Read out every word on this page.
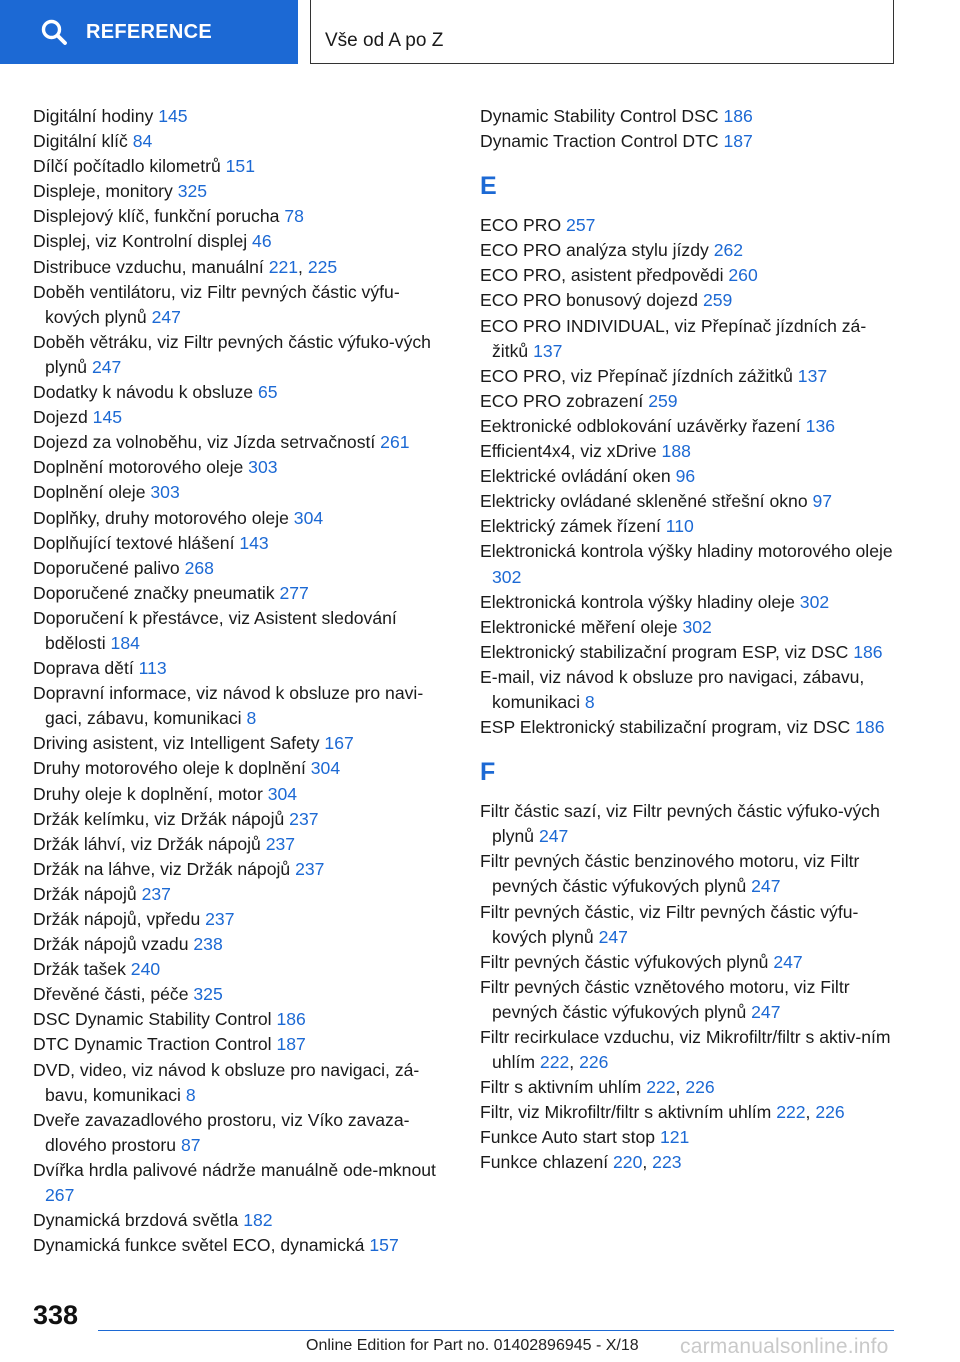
REFERENCE	Vše od A po Z
Digitální hodiny 145
Digitální klíč 84
Dílčí počítadlo kilometrů 151
Displeje, monitory 325
Displejový klíč, funkční porucha 78
Displej, viz Kontrolní displej 46
Distribuce vzduchu, manuální 221, 225
Doběh ventilátoru, viz Filtr pevných částic výfu‐kových plynů 247
Doběh větráku, viz Filtr pevných částic výfuko‐vých plynů 247
Dodatky k návodu k obsluze 65
Dojezd 145
Dojezd za volnoběhu, viz Jízda setrvačností 261
Doplnění motorového oleje 303
Doplnění oleje 303
Doplňky, druhy motorového oleje 304
Doplňující textové hlášení 143
Doporučené palivo 268
Doporučené značky pneumatik 277
Doporučení k přestávce, viz Asistent sledování bdělosti 184
Doprava dětí 113
Dopravní informace, viz návod k obsluze pro navi‐gaci, zábavu, komunikaci 8
Driving asistent, viz Intelligent Safety 167
Druhy motorového oleje k doplnění 304
Druhy oleje k doplnění, motor 304
Držák kelímku, viz Držák nápojů 237
Držák láhví, viz Držák nápojů 237
Držák na láhve, viz Držák nápojů 237
Držák nápojů 237
Držák nápojů, vpředu 237
Držák nápojů vzadu 238
Držák tašek 240
Dřevěné části, péče 325
DSC Dynamic Stability Control 186
DTC Dynamic Traction Control 187
DVD, video, viz návod k obsluze pro navigaci, zá‐bavu, komunikaci 8
Dveře zavazadlového prostoru, viz Víko zavaza‐dlového prostoru 87
Dvířka hrdla palivové nádrže manuálně ode‐mknout 267
Dynamická brzdová světla 182
Dynamická funkce světel ECO, dynamická 157
Dynamic Stability Control DSC 186
Dynamic Traction Control DTC 187
E
ECO PRO 257
ECO PRO analýza stylu jízdy 262
ECO PRO, asistent předpovědi 260
ECO PRO bonusový dojezd 259
ECO PRO INDIVIDUAL, viz Přepínač jízdních zá‐žitků 137
ECO PRO, viz Přepínač jízdních zážitků 137
ECO PRO zobrazení 259
Eektronické odblokování uzávěrky řazení 136
Efficient4x4, viz xDrive 188
Elektrické ovládání oken 96
Elektricky ovládané skleněné střešní okno 97
Elektrický zámek řízení 110
Elektronická kontrola výšky hladiny motorového oleje 302
Elektronická kontrola výšky hladiny oleje 302
Elektronické měření oleje 302
Elektronický stabilizační program ESP, viz DSC 186
E-mail, viz návod k obsluze pro navigaci, zábavu, komunikaci 8
ESP Elektronický stabilizační program, viz DSC 186
F
Filtr částic sazí, viz Filtr pevných částic výfuko‐vých plynů 247
Filtr pevných částic benzinového motoru, viz Filtr pevných částic výfukových plynů 247
Filtr pevných částic, viz Filtr pevných částic výfu‐kových plynů 247
Filtr pevných částic výfukových plynů 247
Filtr pevných částic vznětového motoru, viz Filtr pevných částic výfukových plynů 247
Filtr recirkulace vzduchu, viz Mikrofiltr/filtr s aktiv‐ním uhlím 222, 226
Filtr s aktivním uhlím 222, 226
Filtr, viz Mikrofiltr/filtr s aktivním uhlím 222, 226
Funkce Auto start stop 121
Funkce chlazení 220, 223
338
Online Edition for Part no. 01402896945 - X/18 carmanualsonline.info
